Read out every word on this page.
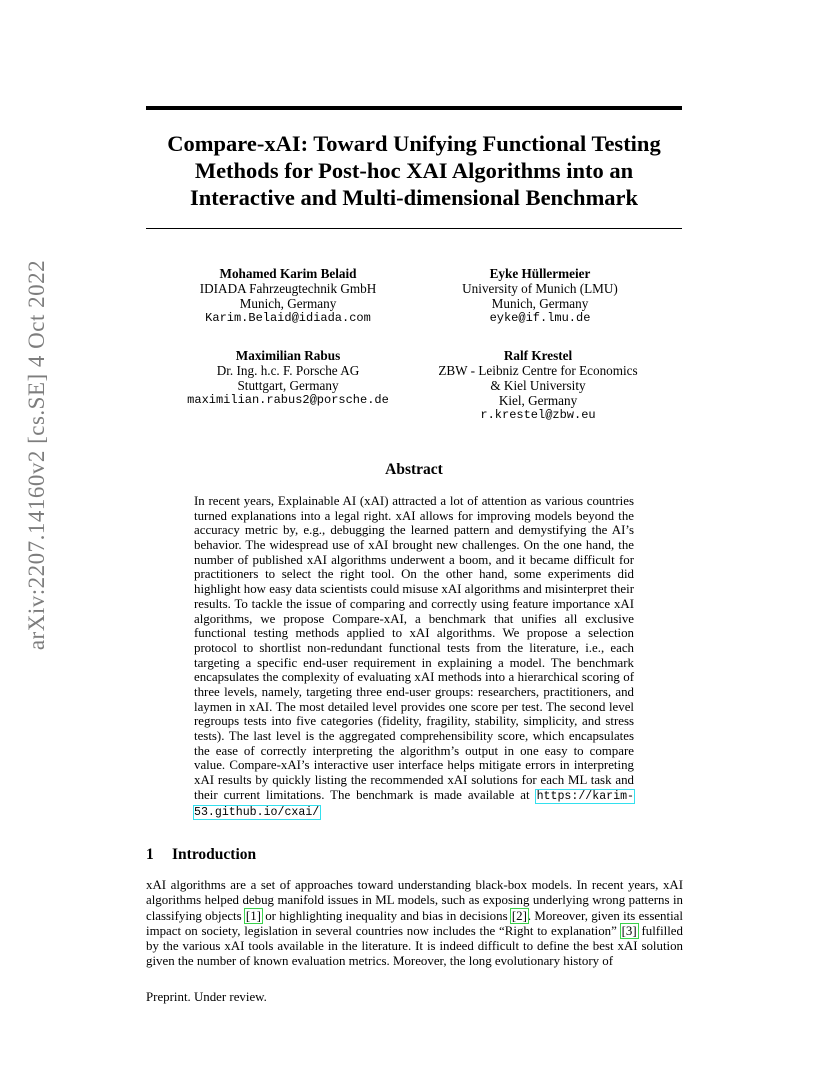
arXiv:2207.14160v2 [cs.SE] 4 Oct 2022
Compare-xAI: Toward Unifying Functional Testing
Methods for Post-hoc XAI Algorithms into an
Interactive and Multi-dimensional Benchmark
Mohamed Karim Belaid
IDIADA Fahrzeugtechnik GmbH
Munich, Germany
Karim.Belaid@idiada.com
Eyke Hüllermeier
University of Munich (LMU)
Munich, Germany
eyke@if.lmu.de
Maximilian Rabus
Dr. Ing. h.c. F. Porsche AG
Stuttgart, Germany
maximilian.rabus2@porsche.de
Ralf Krestel
ZBW - Leibniz Centre for Economics
& Kiel University
Kiel, Germany
r.krestel@zbw.eu
Abstract
In recent years, Explainable AI (xAI) attracted a lot of attention as various countries turned explanations into a legal right. xAI allows for improving models beyond the accuracy metric by, e.g., debugging the learned pattern and demystifying the AI’s behavior. The widespread use of xAI brought new challenges. On the one hand, the number of published xAI algorithms underwent a boom, and it became difficult for practitioners to select the right tool. On the other hand, some experiments did highlight how easy data scientists could misuse xAI algorithms and misinterpret their results. To tackle the issue of comparing and correctly using feature importance xAI algorithms, we propose Compare-xAI, a benchmark that unifies all exclusive functional testing methods applied to xAI algorithms. We propose a selection protocol to shortlist non-redundant functional tests from the literature, i.e., each targeting a specific end-user requirement in explaining a model. The benchmark encapsulates the complexity of evaluating xAI methods into a hierarchical scoring of three levels, namely, targeting three end-user groups: researchers, practitioners, and laymen in xAI. The most detailed level provides one score per test. The second level regroups tests into five categories (fidelity, fragility, stability, simplicity, and stress tests). The last level is the aggregated comprehensibility score, which encapsulates the ease of correctly interpreting the algorithm’s output in one easy to compare value. Compare-xAI’s interactive user interface helps mitigate errors in interpreting xAI results by quickly listing the recommended xAI solutions for each ML task and their current limitations. The benchmark is made available at https://karim-53.github.io/cxai/
1 Introduction
xAI algorithms are a set of approaches toward understanding black-box models. In recent years, xAI algorithms helped debug manifold issues in ML models, such as exposing underlying wrong patterns in classifying objects [1] or highlighting inequality and bias in decisions [2]. Moreover, given its essential impact on society, legislation in several countries now includes the “Right to explanation” [3] fulfilled by the various xAI tools available in the literature. It is indeed difficult to define the best xAI solution given the number of known evaluation metrics. Moreover, the long evolutionary history of
Preprint. Under review.
